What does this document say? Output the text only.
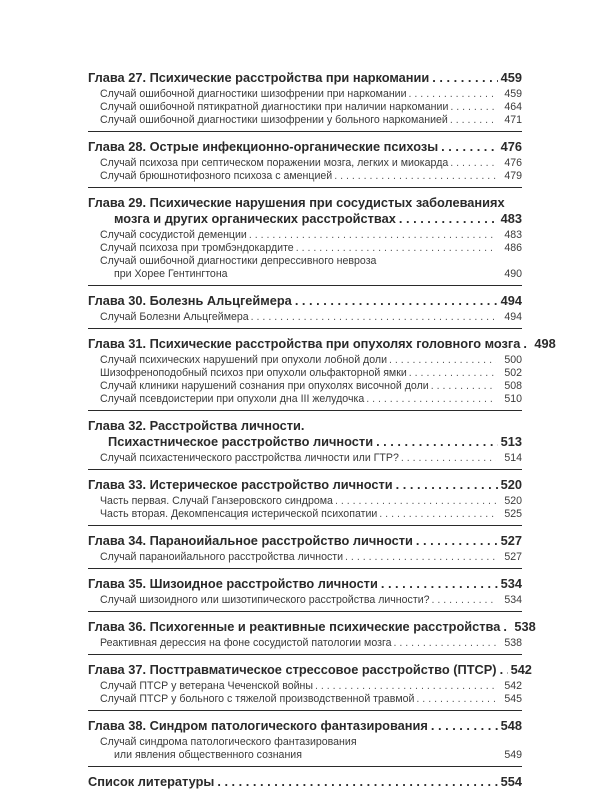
Глава 27. Психические расстройства при наркомании . . .	459
Случай ошибочной диагностики шизофрении при наркомании . . .	459
Случай ошибочной пятикратной диагностики при наличии наркомании . . .	464
Случай ошибочной диагностики шизофрении у больного наркоманией . . .	471
Глава 28. Острые инфекционно-органические психозы . . .	476
Случай психоза при септическом поражении мозга, легких и миокарда . . .	476
Случай брюшнотифозного психоза с аменцией . . .	479
Глава 29. Психические нарушения при сосудистых заболеваниях
мозга и других органических расстройствах . . .	483
Случай сосудистой деменции . . .	483
Случай психоза при тромбэндокардите . . .	486
Случай ошибочной диагностики депрессивного невроза
при Хорее Гентингтона	490
Глава 30. Болезнь Альцгеймера . . .	494
Случай Болезни Альцгеймера . . .	494
Глава 31. Психические расстройства при опухолях головного мозга . . . 498
Случай психических нарушений при опухоли лобной доли . . .	500
Шизофреноподобный психоз при опухоли ольфакторной ямки . . .	502
Случай клиники нарушений сознания при опухолях височной доли . . .	508
Случай псевдоистерии при опухоли дна III желудочка . . .	510
Глава 32. Расстройства личности.
Психастническое расстройство личности . . .	513
Случай психастенического расстройства личности или ГТР? . . .	514
Глава 33. Истерическое расстройство личности . . .	520
Часть первая. Случай Ганзеровского синдрома . . .	520
Часть вторая. Декомпенсация истерической психопатии . . .	525
Глава 34. Параноийальное расстройство личности . . .	527
Случай параноийального расстройства личности . . .	527
Глава 35. Шизоидное расстройство личности . . .	534
Случай шизоидного или шизотипического расстройства личности? . . .	534
Глава 36. Психогенные и реактивные психические расстройства . . . 538
Реактивная дересcия на фоне сосудистой патологии мозга . . .	538
Глава 37. Посттравматическое стрессовое расстройство (ПТСР) . . . 542
Случай ПТСР у ветерана Чеченской войны . . .	542
Случай ПТСР у больного с тяжелой производственной травмой . . .	545
Глава 38. Синдром патологического фантазирования . . .	548
Случай синдрома патологического фантазирования
или явления общественного сознания	549
Список литературы . . .	554
